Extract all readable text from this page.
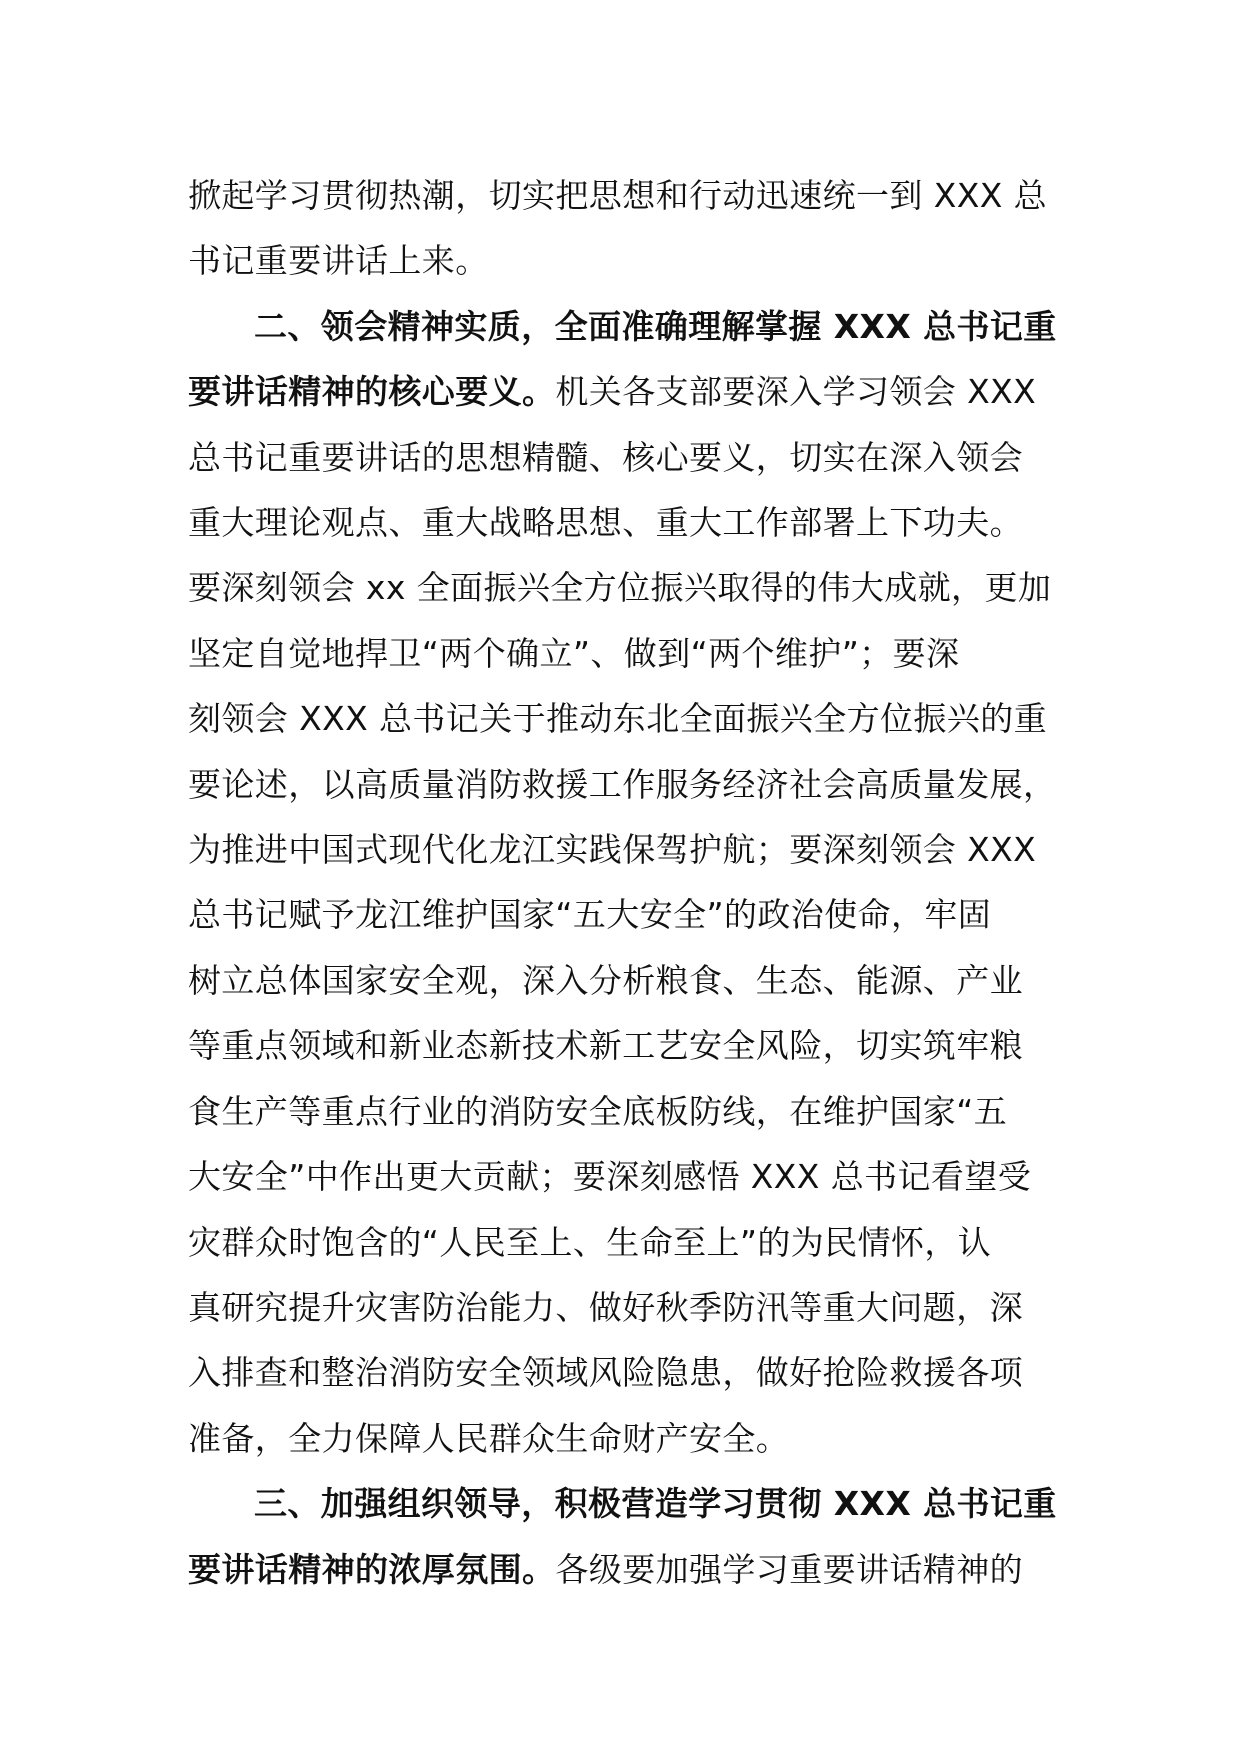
掀起学习贯彻热潮，切实把思想和行动迅速统一到 XXX 总
书记重要讲话上来。

二、领会精神实质，全面准确理解掌握 XXX 总书记重
要讲话精神的核心要义。机关各支部要深入学习领会 XXX
总书记重要讲话的思想精髓、核心要义，切实在深入领会
重大理论观点、重大战略思想、重大工作部署上下功夫。
要深刻领会 xx 全面振兴全方位振兴取得的伟大成就，更加
坚定自觉地捍卫“两个确立”、做到“两个维护”；要深
刻领会 XXX 总书记关于推动东北全面振兴全方位振兴的重
要论述，以高质量消防救援工作服务经济社会高质量发展，
为推进中国式现代化龙江实践保驾护航；要深刻领会 XXX
总书记赋予龙江维护国家“五大安全”的政治使命，牢固
树立总体国家安全观，深入分析粮食、生态、能源、产业
等重点领域和新业态新技术新工艺安全风险，切实筑牢粮
食生产等重点行业的消防安全底板防线，在维护国家“五
大安全”中作出更大贡献；要深刻感悟 XXX 总书记看望受
灾群众时饱含的“人民至上、生命至上”的为民情怀，认
真研究提升灾害防治能力、做好秋季防汛等重大问题，深
入排查和整治消防安全领域风险隐患，做好抢险救援各项
准备，全力保障人民群众生命财产安全。

三、加强组织领导，积极营造学习贯彻 XXX 总书记重
要讲话精神的浓厚氛围。各级要加强学习重要讲话精神的
